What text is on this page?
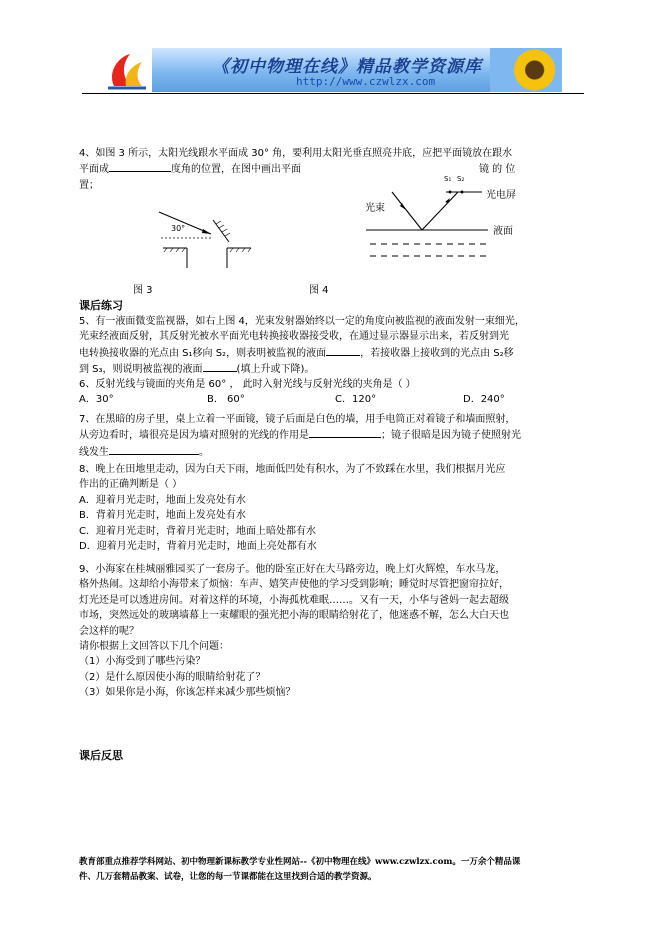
《初中物理在线》精品教学资源库
http://www.czwlzx.com
4、如图 3 所示，太阳光线跟水平面成 30° 角，要利用太阳光垂直照亮井底，应把平面镜放在跟水
平面成	度角的位置，在图中画出平面	镜 的 位
置；
30°
图 3
光束
S₁ S₂
光电屏
液面
图 4
课后练习
5、有一液面微变监视器，如右上图 4，光束发射器始终以一定的角度向被监视的液面发射一束细光，
光束经液面反射，其反射光被水平面光电转换接收器接受收，在通过显示器显示出来，若反射到光
电转换接收器的光点由 S₁移向 S₂，则表明被监视的液面	，若接收器上接收到的光点由 S₂移
到 S₃，则说明被监视的液面	(填上升或下降)。
6、反射光线与镜面的夹角是 60° ， 此时入射光线与反射光线的夹角是（ ）
A．30°	B． 60°	C．120°	D．240°
7、在黑暗的房子里，桌上立着一平面镜，镜子后面是白色的墙，用手电筒正对着镜子和墙面照射，
从旁边看时，墙很亮是因为墙对照射的光线的作用是	；镜子很暗是因为镜子使照射光
线发生	。
8、晚上在田地里走动，因为白天下雨，地面低凹处有积水，为了不致踩在水里，我们根据月光应
作出的正确判断是（ ）
A．迎着月光走时，地面上发亮处有水
B．背着月光走时，地面上发亮处有水
C．迎着月光走时，背着月光走时，地面上暗处都有水
D．迎着月光走时，背着月光走时，地面上亮处都有水
9、小海家在桂城丽雅园买了一套房子。他的卧室正好在大马路旁边，晚上灯火辉煌，车水马龙，
格外热闹。这却给小海带来了烦恼：车声、嬉笑声使他的学习受到影响；睡觉时尽管把窗帘拉好，
灯光还是可以透进房间。对着这样的环境，小海孤枕难眠……。又有一天，小华与爸妈一起去超级
市场，突然远处的玻璃墙幕上一束耀眼的强光把小海的眼睛给射花了，他迷惑不解，怎么大白天也
会这样的呢？
请你根据上文回答以下几个问题：
（1）小海受到了哪些污染？
（2）是什么原因使小海的眼睛给射花了？
（3）如果你是小海，你该怎样来减少那些烦恼？
课后反思
教育部重点推荐学科网站、初中物理新课标教学专业性网站--《初中物理在线》www.czwlzx.com。一万余个精品课
件、几万套精品教案、试卷，让您的每一节课都能在这里找到合适的教学资源。
